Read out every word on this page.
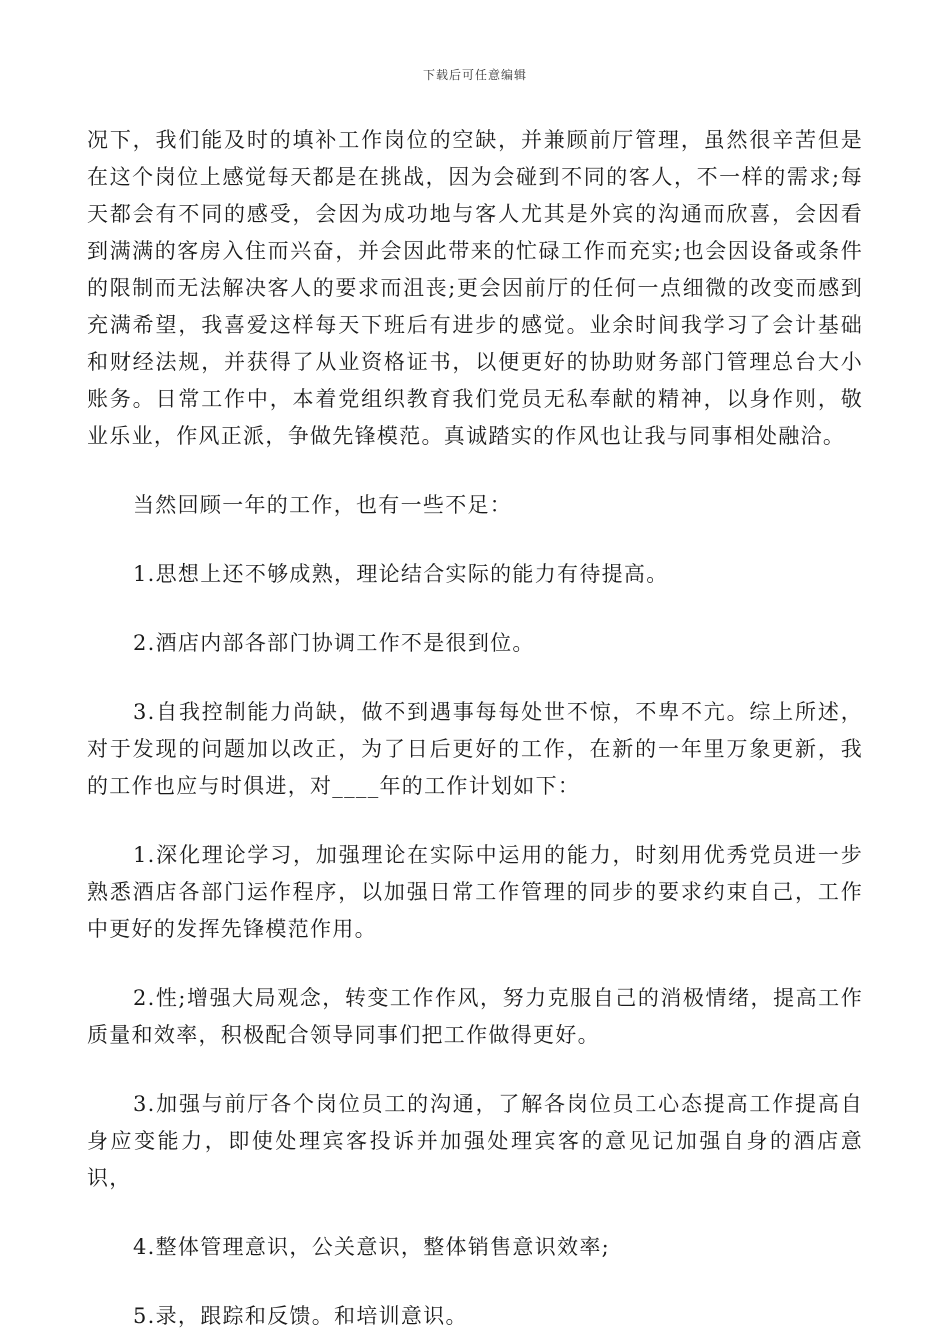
下载后可任意编辑

况下，我们能及时的填补工作岗位的空缺，并兼顾前厅管理，虽然很辛苦但是在这个岗位上感觉每天都是在挑战，因为会碰到不同的客人，不一样的需求;每天都会有不同的感受，会因为成功地与客人尤其是外宾的沟通而欣喜，会因看到满满的客房入住而兴奋，并会因此带来的忙碌工作而充实;也会因设备或条件的限制而无法解决客人的要求而沮丧;更会因前厅的任何一点细微的改变而感到充满希望，我喜爱这样每天下班后有进步的感觉。业余时间我学习了会计基础和财经法规，并获得了从业资格证书，以便更好的协助财务部门管理总台大小账务。日常工作中，本着党组织教育我们党员无私奉献的精神，以身作则，敬业乐业，作风正派，争做先锋模范。真诚踏实的作风也让我与同事相处融洽。

当然回顾一年的工作，也有一些不足：

1.思想上还不够成熟，理论结合实际的能力有待提高。

2.酒店内部各部门协调工作不是很到位。

3.自我控制能力尚缺，做不到遇事每每处世不惊，不卑不亢。综上所述，对于发现的问题加以改正，为了日后更好的工作，在新的一年里万象更新，我的工作也应与时俱进，对____年的工作计划如下：

1.深化理论学习，加强理论在实际中运用的能力，时刻用优秀党员进一步熟悉酒店各部门运作程序，以加强日常工作管理的同步的要求约束自己，工作中更好的发挥先锋模范作用。

2.性;增强大局观念，转变工作作风，努力克服自己的消极情绪，提高工作质量和效率，积极配合领导同事们把工作做得更好。

3.加强与前厅各个岗位员工的沟通，了解各岗位员工心态提高工作提高自身应变能力，即使处理宾客投诉并加强处理宾客的意见记加强自身的酒店意识，

4.整体管理意识，公关意识，整体销售意识效率;

5.录，跟踪和反馈。和培训意识。
